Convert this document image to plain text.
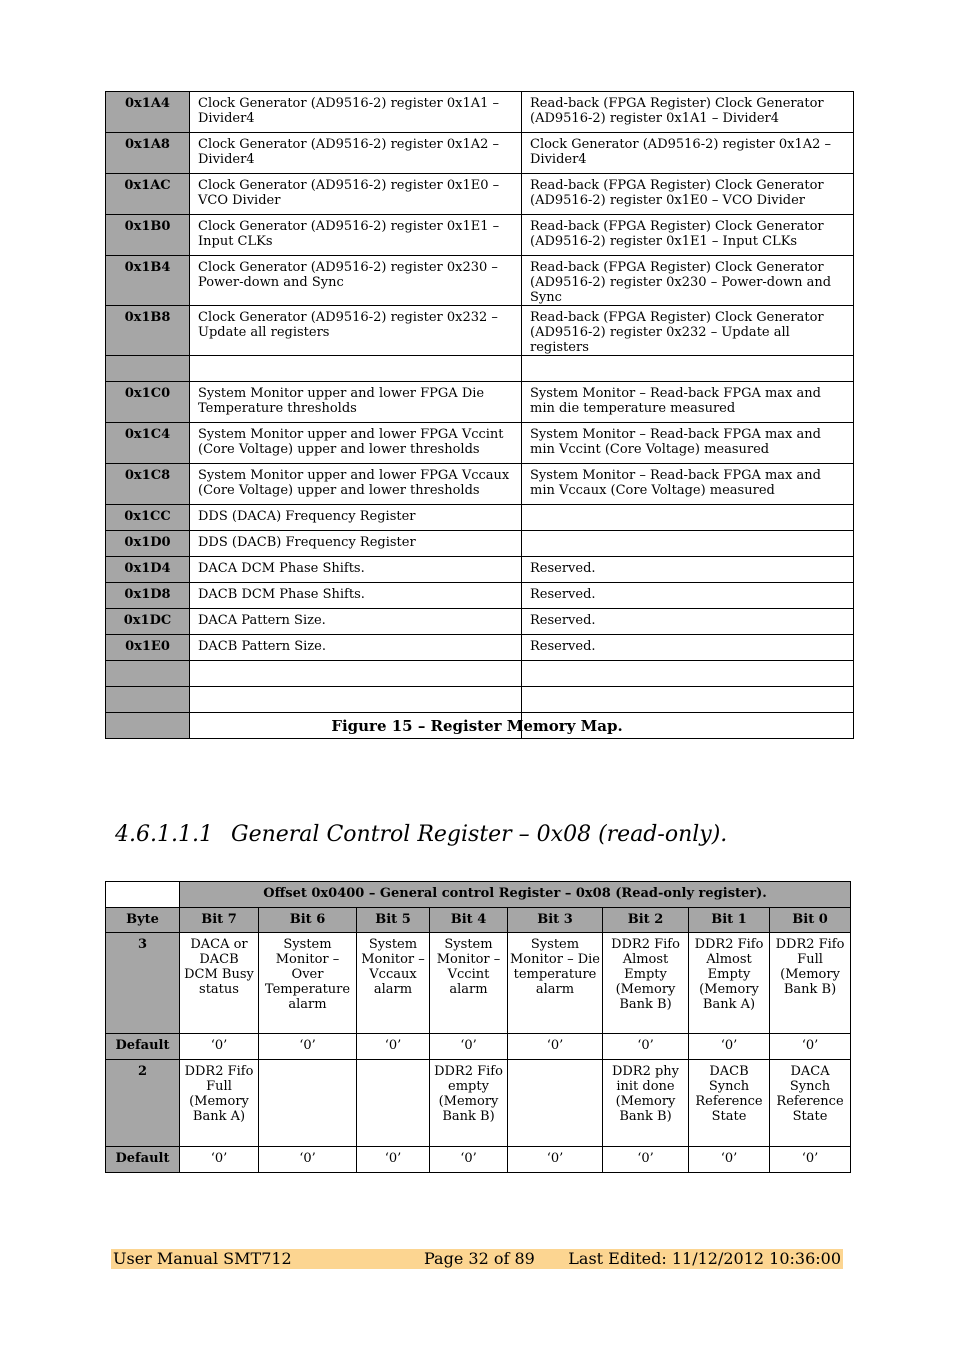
0x1A4	Clock Generator (AD9516-2) register 0x1A1 – Divider4	Read-back (FPGA Register) Clock Generator (AD9516-2) register 0x1A1 – Divider4
0x1A8	Clock Generator (AD9516-2) register 0x1A2 – Divider4	Clock Generator (AD9516-2) register 0x1A2 – Divider4
0x1AC	Clock Generator (AD9516-2) register 0x1E0 – VCO Divider	Read-back (FPGA Register) Clock Generator (AD9516-2) register 0x1E0 – VCO Divider
0x1B0	Clock Generator (AD9516-2) register 0x1E1 – Input CLKs	Read-back (FPGA Register) Clock Generator (AD9516-2) register 0x1E1 – Input CLKs
0x1B4	Clock Generator (AD9516-2) register 0x230 – Power-down and Sync	Read-back (FPGA Register) Clock Generator (AD9516-2) register 0x230 – Power-down and Sync
0x1B8	Clock Generator (AD9516-2) register 0x232 – Update all registers	Read-back (FPGA Register) Clock Generator (AD9516-2) register 0x232 – Update all registers

0x1C0	System Monitor upper and lower FPGA Die Temperature thresholds	System Monitor – Read-back FPGA max and min die temperature measured
0x1C4	System Monitor upper and lower FPGA Vccint (Core Voltage) upper and lower thresholds	System Monitor – Read-back FPGA max and min Vccint (Core Voltage) measured
0x1C8	System Monitor upper and lower FPGA Vccaux (Core Voltage) upper and lower thresholds	System Monitor – Read-back FPGA max and min Vccaux (Core Voltage) measured
0x1CC	DDS (DACA) Frequency Register	
0x1D0	DDS (DACB) Frequency Register	
0x1D4	DACA DCM Phase Shifts.	Reserved.
0x1D8	DACB DCM Phase Shifts.	Reserved.
0x1DC	DACA Pattern Size.	Reserved.
0x1E0	DACB Pattern Size.	Reserved.

Figure 15 – Register Memory Map.
4.6.1.1.1 General Control Register – 0x08 (read-only).
	Offset 0x0400 – General control Register – 0x08 (Read-only register).							
Byte	Bit 7	Bit 6	Bit 5	Bit 4	Bit 3	Bit 2	Bit 1	Bit 0
3	DACA or DACB DCM Busy status	System Monitor – Over Temperature alarm	System Monitor – Vccaux alarm	System Monitor – Vccint alarm	System Monitor – Die temperature alarm	DDR2 Fifo Almost Empty (Memory Bank B)	DDR2 Fifo Almost Empty (Memory Bank A)	DDR2 Fifo Full (Memory Bank B)
Default	‘0’	‘0’	‘0’	‘0’	‘0’	‘0’	‘0’	‘0’
2	DDR2 Fifo Full (Memory Bank A)			DDR2 Fifo empty (Memory Bank B)		DDR2 phy init done (Memory Bank B)	DACB Synch Reference State	DACA Synch Reference State
Default	‘0’	‘0’	‘0’	‘0’	‘0’	‘0’	‘0’	‘0’
User Manual SMT712	Page 32 of 89 Last Edited: 11/12/2012 10:36:00
